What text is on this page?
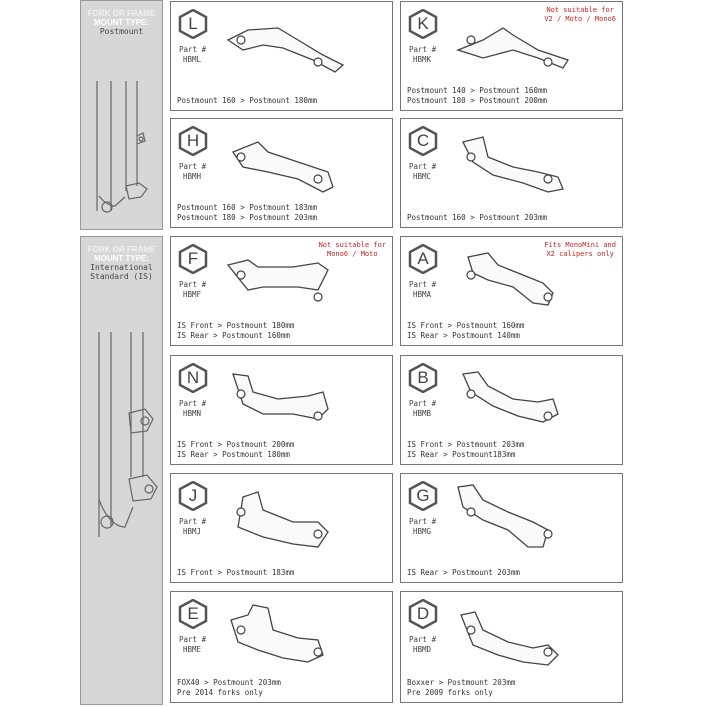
FORK OR FRAME
MOUNT TYPE:
Postmount
FORK OR FRAME
MOUNT TYPE:
International
Standard (IS)
L
Part #
HBML
Postmount 160 > Postmount 180mm
K
Part #
HBMK
Not suitable for
V2 / Moto / Mono6
Postmount 140 > Postmount 160mm
Postmount 180 > Postmount 200mm
H
Part #
HBMH
Postmount 160 > Postmount 183mm
Postmount 180 > Postmount 203mm
C
Part #
HBMC
Postmount 160 > Postmount 203mm
F
Part #
HBMF
Not suitable for
Mono6 / Moto
IS Front > Postmount 180mm
IS Rear > Postmount 160mm
A
Part #
HBMA
Fits MonoMini and
X2 calipers only
IS Front > Postmount 160mm
IS Rear > Postmount 140mm
N
Part #
HBMN
IS Front > Postmount 200mm
IS Rear > Postmount 180mm
B
Part #
HBMB
IS Front > Postmount 203mm
IS Rear > Postmount183mm
J
Part #
HBMJ
IS Front > Postmount 183mm
G
Part #
HBMG
IS Rear > Postmount 203mm
E
Part #
HBME
FOX40 > Postmount 203mm
Pre 2014 forks only
D
Part #
HBMD
Boxxer > Postmount 203mm
Pre 2009 forks only
